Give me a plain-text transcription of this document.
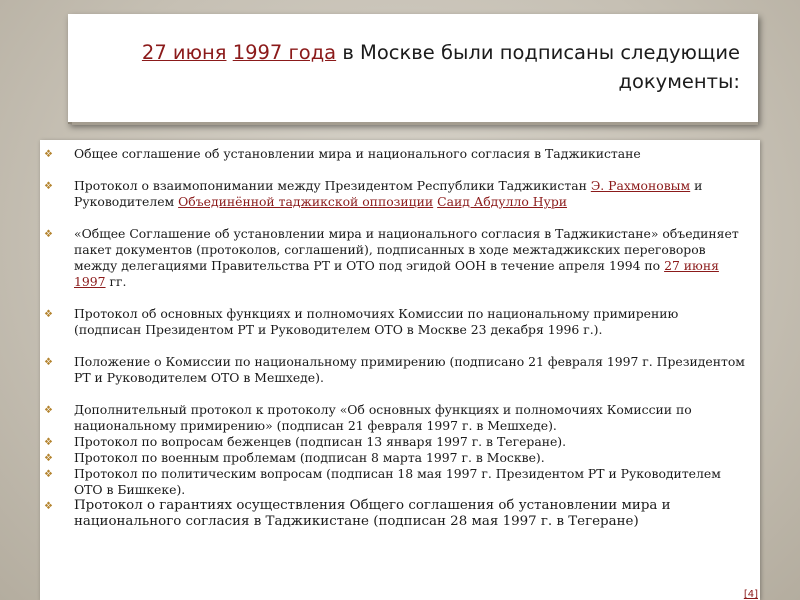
27 июня 1997 года в Москве были подписаны следующие
документы:
❖ Общее соглашение об установлении мира и национального согласия в Таджикистане
❖ Протокол о взаимопонимании между Президентом Республики Таджикистан Э. Рахмоновым и Руководителем Объединённой таджикской оппозиции Саид Абдулло Нури
❖ «Общее Соглашение об установлении мира и национального согласия в Таджикистане» объединяет пакет документов (протоколов, соглашений), подписанных в ходе межтаджикских переговоров между делегациями Правительства РТ и ОТО под эгидой ООН в течение апреля 1994 по 27 июня 1997 гг.
❖ Протокол об основных функциях и полномочиях Комиссии по национальному примирению (подписан Президентом РТ и Руководителем ОТО в Москве 23 декабря 1996 г.).
❖ Положение о Комиссии по национальному примирению (подписано 21 февраля 1997 г. Президентом РТ и Руководителем ОТО в Мешхеде).
❖ Дополнительный протокол к протоколу «Об основных функциях и полномочиях Комиссии по национальному примирению» (подписан 21 февраля 1997 г. в Мешхеде).
❖ Протокол по вопросам беженцев (подписан 13 января 1997 г. в Тегеране).
❖ Протокол по военным проблемам (подписан 8 марта 1997 г. в Москве).
❖ Протокол по политическим вопросам (подписан 18 мая 1997 г. Президентом РТ и Руководителем ОТО в Бишкеке).
❖ Протокол о гарантиях осуществления Общего соглашения об установлении мира и национального согласия в Таджикистане (подписан 28 мая 1997 г. в Тегеране)
[4]
